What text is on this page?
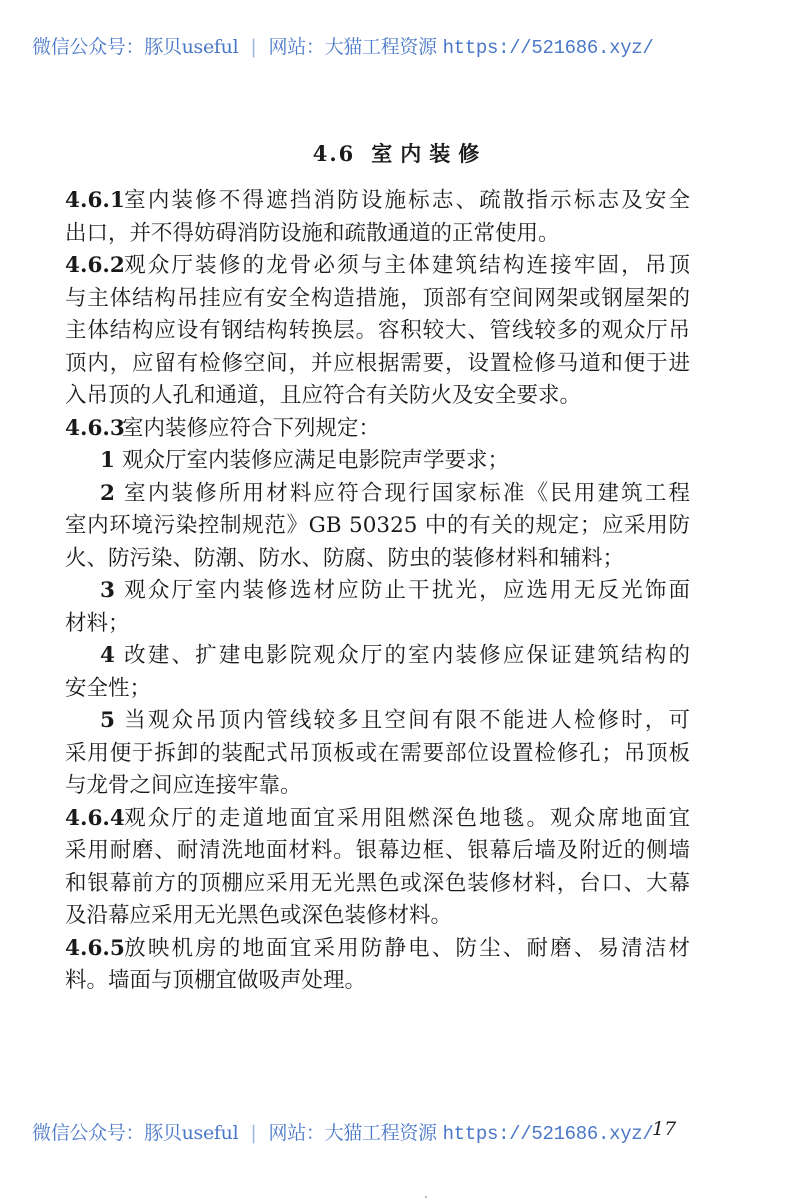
微信公众号：豚贝useful | 网站：大猫工程资源 https://521686.xyz/
4.6 室内装修
4.6.1室内装修不得遮挡消防设施标志、疏散指示标志及安全
出口，并不得妨碍消防设施和疏散通道的正常使用。
4.6.2观众厅装修的龙骨必须与主体建筑结构连接牢固，吊顶
与主体结构吊挂应有安全构造措施，顶部有空间网架或钢屋架的
主体结构应设有钢结构转换层。容积较大、管线较多的观众厅吊
顶内，应留有检修空间，并应根据需要，设置检修马道和便于进
入吊顶的人孔和通道，且应符合有关防火及安全要求。
4.6.3室内装修应符合下列规定：
1 观众厅室内装修应满足电影院声学要求；
2 室内装修所用材料应符合现行国家标准《民用建筑工程
室内环境污染控制规范》GB 50325 中的有关的规定；应采用防
火、防污染、防潮、防水、防腐、防虫的装修材料和辅料；
3 观众厅室内装修选材应防止干扰光，应选用无反光饰面
材料；
4 改建、扩建电影院观众厅的室内装修应保证建筑结构的
安全性；
5 当观众吊顶内管线较多且空间有限不能进人检修时，可
采用便于拆卸的装配式吊顶板或在需要部位设置检修孔；吊顶板
与龙骨之间应连接牢靠。
4.6.4观众厅的走道地面宜采用阻燃深色地毯。观众席地面宜
采用耐磨、耐清洗地面材料。银幕边框、银幕后墙及附近的侧墙
和银幕前方的顶棚应采用无光黑色或深色装修材料，台口、大幕
及沿幕应采用无光黑色或深色装修材料。
4.6.5放映机房的地面宜采用防静电、防尘、耐磨、易清洁材
料。墙面与顶棚宜做吸声处理。
微信公众号：豚贝useful | 网站：大猫工程资源 https://521686.xyz/
17
